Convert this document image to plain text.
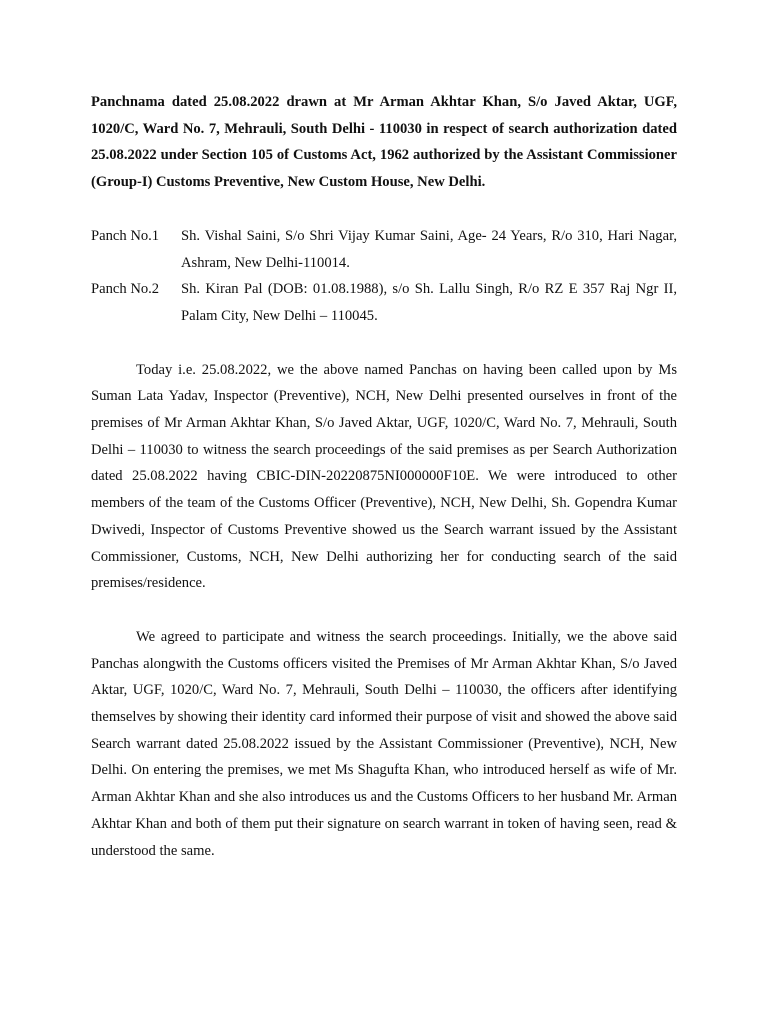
Panchnama dated 25.08.2022 drawn at Mr Arman Akhtar Khan, S/o Javed Aktar, UGF, 1020/C, Ward No. 7, Mehrauli, South Delhi - 110030 in respect of search authorization dated 25.08.2022 under Section 105 of Customs Act, 1962 authorized by the Assistant Commissioner (Group-I) Customs Preventive, New Custom House, New Delhi.

Panch No.1	Sh. Vishal Saini, S/o Shri Vijay Kumar Saini, Age- 24 Years, R/o 310, Hari Nagar, Ashram, New Delhi-110014.
Panch No.2	Sh. Kiran Pal (DOB: 01.08.1988), s/o Sh. Lallu Singh, R/o RZ E 357 Raj Ngr II, Palam City, New Delhi – 110045.

Today i.e. 25.08.2022, we the above named Panchas on having been called upon by Ms Suman Lata Yadav, Inspector (Preventive), NCH, New Delhi presented ourselves in front of the premises of Mr Arman Akhtar Khan, S/o Javed Aktar, UGF, 1020/C, Ward No. 7, Mehrauli, South Delhi – 110030 to witness the search proceedings of the said premises as per Search Authorization dated 25.08.2022 having CBIC-DIN-20220875NI000000F10E. We were introduced to other members of the team of the Customs Officer (Preventive), NCH, New Delhi, Sh. Gopendra Kumar Dwivedi, Inspector of Customs Preventive showed us the Search warrant issued by the Assistant Commissioner, Customs, NCH, New Delhi authorizing her for conducting search of the said premises/residence.

We agreed to participate and witness the search proceedings. Initially, we the above said Panchas alongwith the Customs officers visited the Premises of Mr Arman Akhtar Khan, S/o Javed Aktar, UGF, 1020/C, Ward No. 7, Mehrauli, South Delhi – 110030, the officers after identifying themselves by showing their identity card informed their purpose of visit and showed the above said Search warrant dated 25.08.2022 issued by the Assistant Commissioner (Preventive), NCH, New Delhi. On entering the premises, we met Ms Shagufta Khan, who introduced herself as wife of Mr. Arman Akhtar Khan and she also introduces us and the Customs Officers to her husband Mr. Arman Akhtar Khan and both of them put their signature on search warrant in token of having seen, read & understood the same.
